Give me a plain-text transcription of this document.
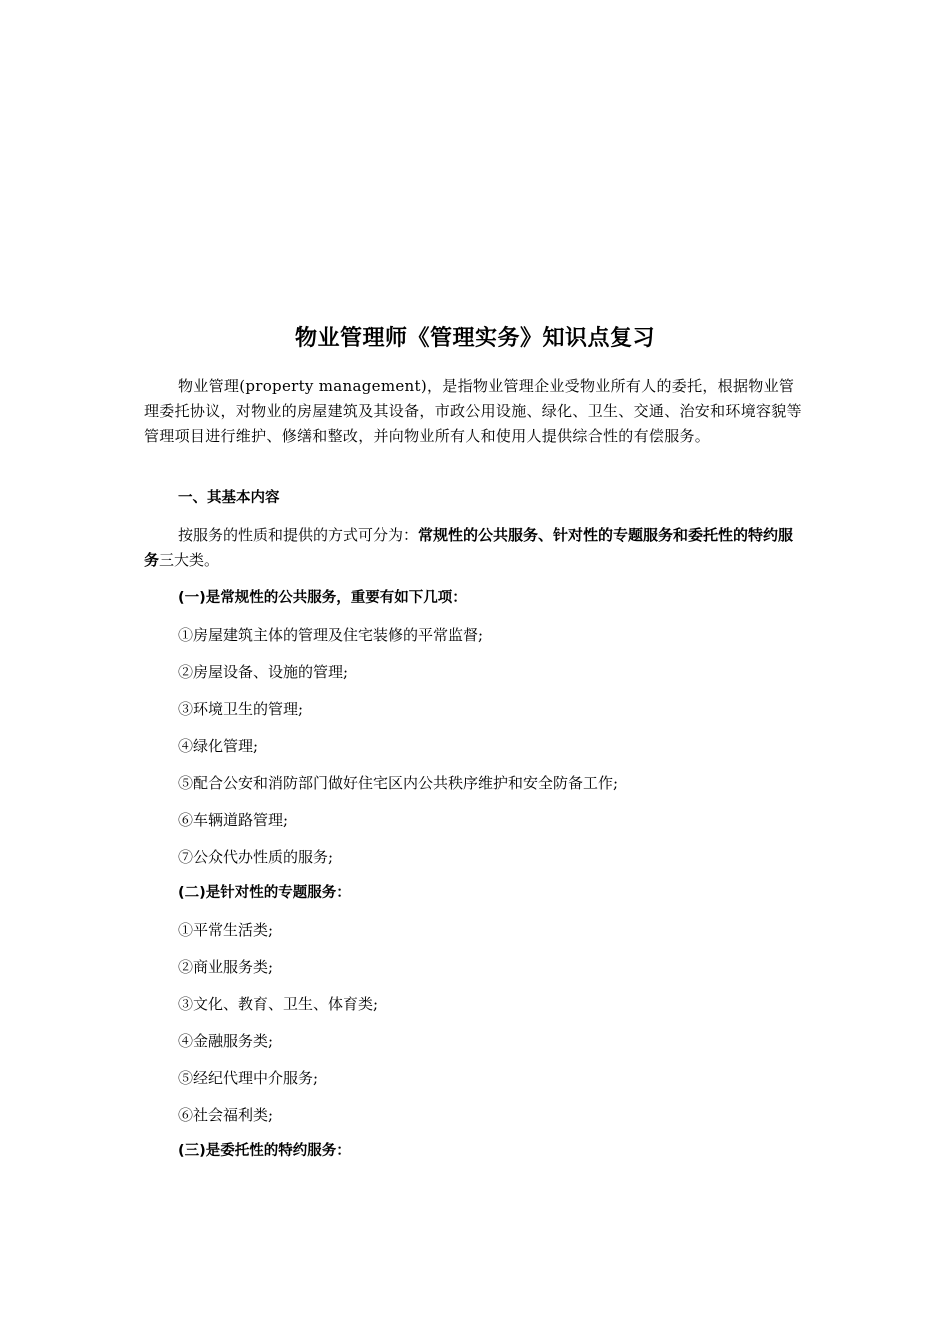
物业管理师《管理实务》知识点复习
物业管理(property management)，是指物业管理企业受物业所有人的委托，根据物业管理委托协议，对物业的房屋建筑及其设备，市政公用设施、绿化、卫生、交通、治安和环境容貌等管理项目进行维护、修缮和整改，并向物业所有人和使用人提供综合性的有偿服务。
一、其基本内容
按服务的性质和提供的方式可分为：常规性的公共服务、针对性的专题服务和委托性的特约服务三大类。
(一)是常规性的公共服务，重要有如下几项：
①房屋建筑主体的管理及住宅装修的平常监督;
②房屋设备、设施的管理;
③环境卫生的管理;
④绿化管理;
⑤配合公安和消防部门做好住宅区内公共秩序维护和安全防备工作;
⑥车辆道路管理;
⑦公众代办性质的服务;
(二)是针对性的专题服务：
①平常生活类;
②商业服务类;
③文化、教育、卫生、体育类;
④金融服务类;
⑤经纪代理中介服务;
⑥社会福利类;
(三)是委托性的特约服务：
